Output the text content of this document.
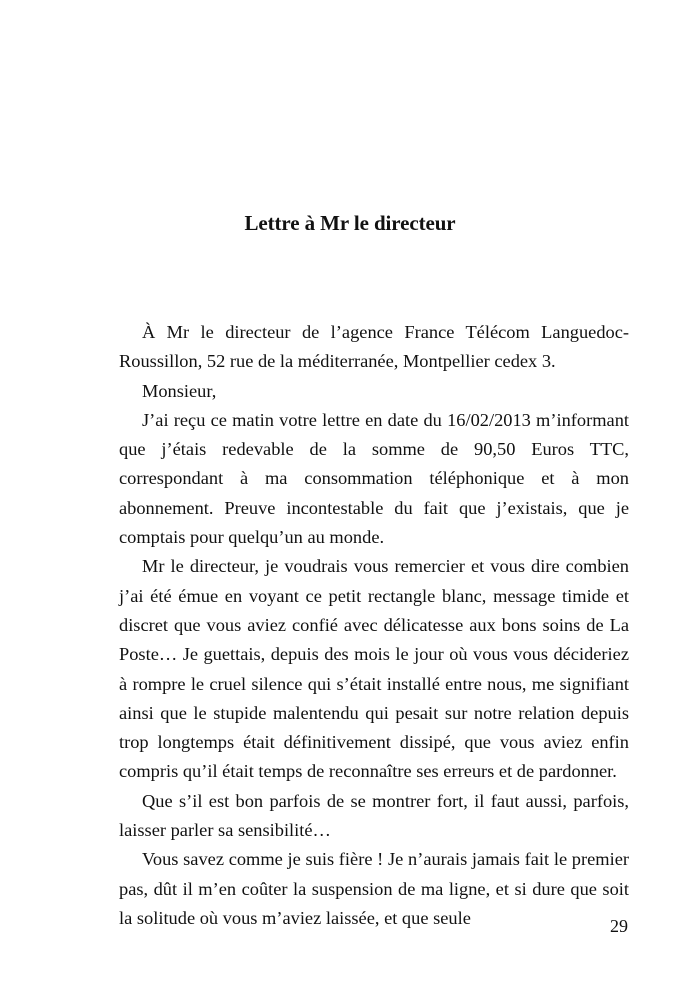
Lettre à Mr le directeur

À Mr le directeur de l’agence France Télécom Languedoc-Roussillon, 52 rue de la méditerranée, Montpellier cedex 3.

Monsieur,

J’ai reçu ce matin votre lettre en date du 16/02/2013 m’informant que j’étais redevable de la somme de 90,50 Euros TTC, correspondant à ma consommation téléphonique et à mon abonnement. Preuve incontestable du fait que j’existais, que je comptais pour quelqu’un au monde.

Mr le directeur, je voudrais vous remercier et vous dire combien j’ai été émue en voyant ce petit rectangle blanc, message timide et discret que vous aviez confié avec délicatesse aux bons soins de La Poste… Je guettais, depuis des mois le jour où vous vous décideriez à rompre le cruel silence qui s’était installé entre nous, me signifiant ainsi que le stupide malentendu qui pesait sur notre relation depuis trop longtemps était définitivement dissipé, que vous aviez enfin compris qu’il était temps de reconnaître ses erreurs et de pardonner.

Que s’il est bon parfois de se montrer fort, il faut aussi, parfois, laisser parler sa sensibilité…

Vous savez comme je suis fière ! Je n’aurais jamais fait le premier pas, dût il m’en coûter la suspension de ma ligne, et si dure que soit la solitude où vous m’aviez laissée, et que seule	29
